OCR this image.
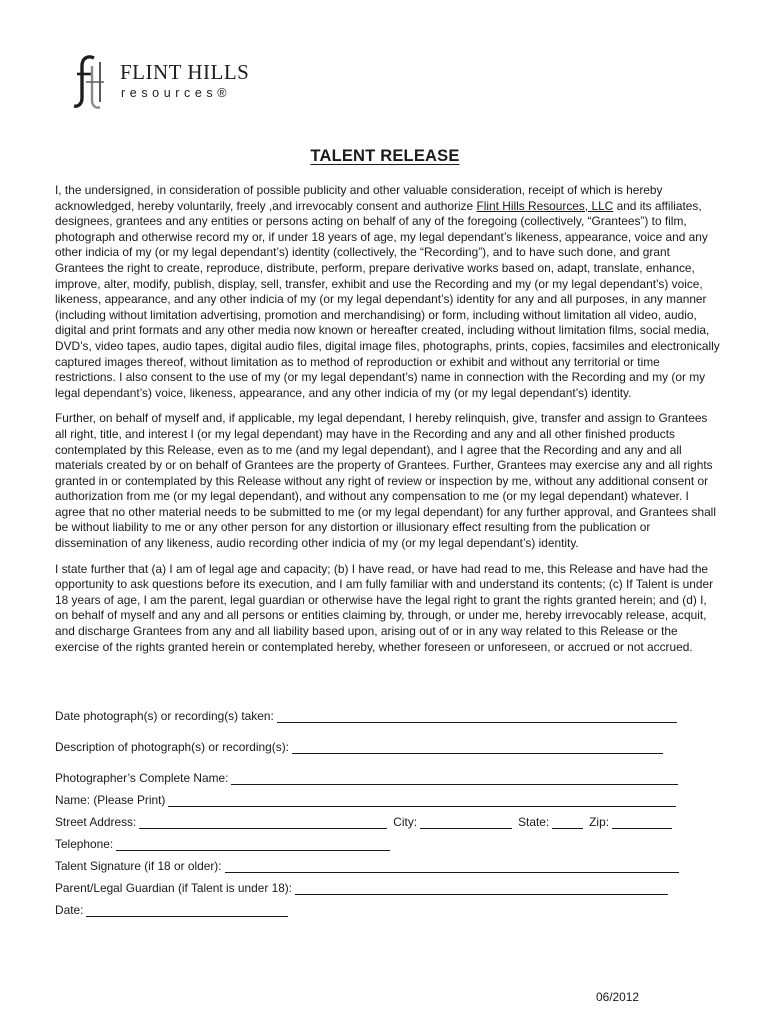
FLINT HILLS
resources®
TALENT RELEASE

I, the undersigned, in consideration of possible publicity and other valuable consideration, receipt of which is hereby acknowledged, hereby voluntarily, freely ,and irrevocably consent and authorize Flint Hills Resources, LLC and its affiliates, designees, grantees and any entities or persons acting on behalf of any of the foregoing (collectively, “Grantees”) to film, photograph and otherwise record my or, if under 18 years of age, my legal dependant’s likeness, appearance, voice and any other indicia of my (or my legal dependant’s) identity (collectively, the “Recording”), and to have such done, and grant Grantees the right to create, reproduce, distribute, perform, prepare derivative works based on, adapt, translate, enhance, improve, alter, modify, publish, display, sell, transfer, exhibit and use the Recording and my (or my legal dependant’s) voice, likeness, appearance, and any other indicia of my (or my legal dependant’s) identity for any and all purposes, in any manner (including without limitation advertising, promotion and merchandising) or form, including without limitation all video, audio, digital and print formats and any other media now known or hereafter created, including without limitation films, social media, DVD’s, video tapes, audio tapes, digital audio files, digital image files, photographs, prints, copies, facsimiles and electronically captured images thereof, without limitation as to method of reproduction or exhibit and without any territorial or time restrictions. I also consent to the use of my (or my legal dependant’s) name in connection with the Recording and my (or my legal dependant’s) voice, likeness, appearance, and any other indicia of my (or my legal dependant’s) identity.

Further, on behalf of myself and, if applicable, my legal dependant, I hereby relinquish, give, transfer and assign to Grantees all right, title, and interest I (or my legal dependant) may have in the Recording and any and all other finished products contemplated by this Release, even as to me (and my legal dependant), and I agree that the Recording and any and all materials created by or on behalf of Grantees are the property of Grantees. Further, Grantees may exercise any and all rights granted in or contemplated by this Release without any right of review or inspection by me, without any additional consent or authorization from me (or my legal dependant), and without any compensation to me (or my legal dependant) whatever. I agree that no other material needs to be submitted to me (or my legal dependant) for any further approval, and Grantees shall be without liability to me or any other person for any distortion or illusionary effect resulting from the publication or dissemination of any likeness, audio recording other indicia of my (or my legal dependant’s) identity.

I state further that (a) I am of legal age and capacity; (b) I have read, or have had read to me, this Release and have had the opportunity to ask questions before its execution, and I am fully familiar with and understand its contents; (c) If Talent is under 18 years of age, I am the parent, legal guardian or otherwise have the legal right to grant the rights granted herein; and (d) I, on behalf of myself and any and all persons or entities claiming by, through, or under me, hereby irrevocably release, acquit, and discharge Grantees from any and all liability based upon, arising out of or in any way related to this Release or the exercise of the rights granted herein or contemplated hereby, whether foreseen or unforeseen, or accrued or not accrued.

Date photograph(s) or recording(s) taken:
Description of photograph(s) or recording(s):
Photographer’s Complete Name:
Name: (Please Print)
Street Address:	City:	State:	Zip:
Telephone:
Talent Signature (if 18 or older):
Parent/Legal Guardian (if Talent is under 18):
Date:
06/2012
